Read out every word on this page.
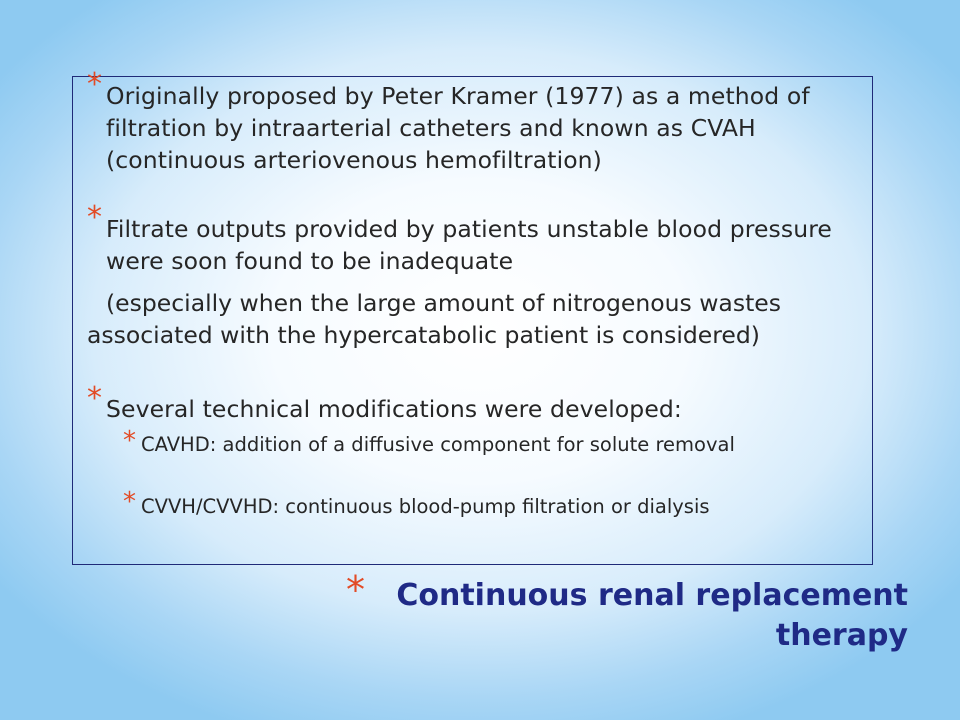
* Originally proposed by Peter Kramer (1977) as a method of filtration by intraarterial catheters and known as CVAH (continuous arteriovenous hemofiltration)
* Filtrate outputs provided by patients unstable blood pressure were soon found to be inadequate
(especially when the large amount of nitrogenous wastes associated with the hypercatabolic patient is considered)
* Several technical modifications were developed:
* CAVHD: addition of a diffusive component for solute removal
* CVVH/CVVHD: continuous blood-pump filtration or dialysis
*	Continuous renal replacement therapy
